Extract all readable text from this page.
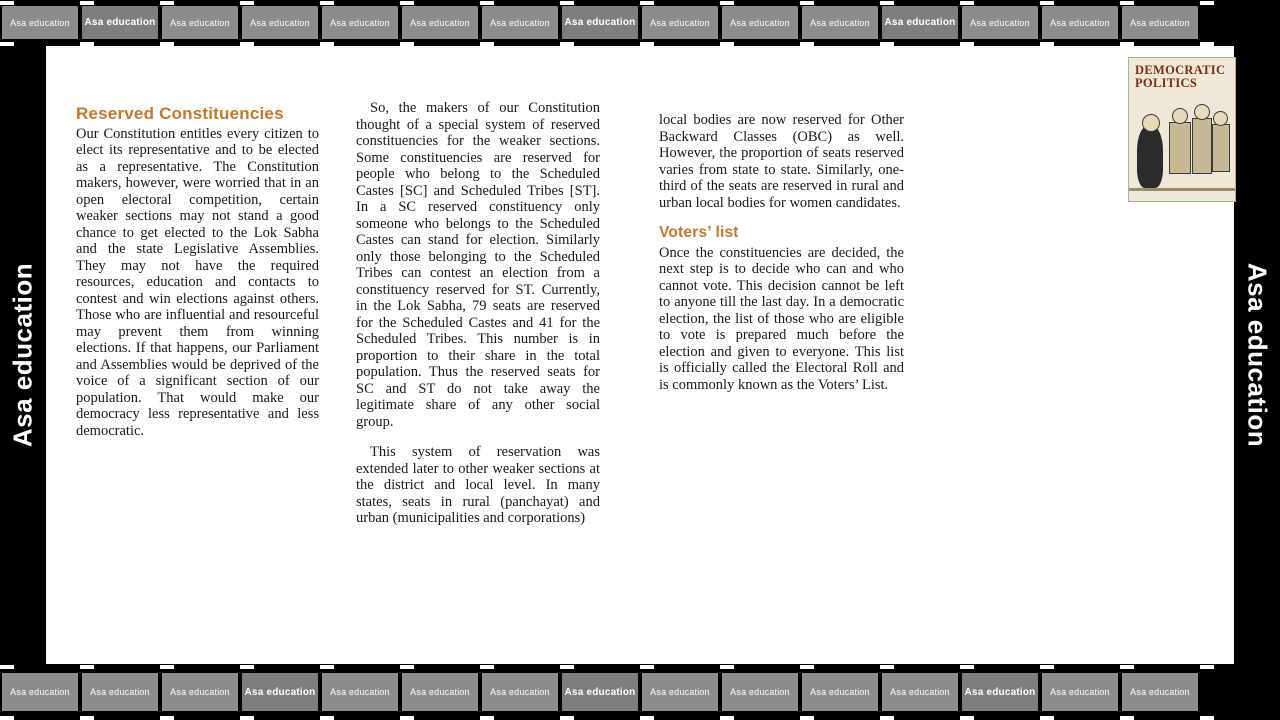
Asa education	Asa education	Asa education	Asa education	Asa education	Asa education	Asa education	Asa education	Asa education	Asa education	Asa education	Asa education	Asa education	Asa education	Asa education
Asa education	Asa education
DEMOCRATIC
POLITICS
Reserved Constituencies

Our Constitution entitles every citizen to elect its representative and to be elected as a representative. The Constitution makers, however, were worried that in an open electoral competition, certain weaker sections may not stand a good chance to get elected to the Lok Sabha and the state Legislative Assemblies. They may not have the required resources, education and contacts to contest and win elections against others. Those who are influential and resourceful may prevent them from winning elections. If that happens, our Parliament and Assemblies would be deprived of the voice of a significant section of our population. That would make our democracy less representative and less democratic.

So, the makers of our Constitution thought of a special system of reserved constituencies for the weaker sections. Some constituencies are reserved for people who belong to the Scheduled Castes [SC] and Scheduled Tribes [ST]. In a SC reserved constituency only someone who belongs to the Scheduled Castes can stand for election. Similarly only those belonging to the Scheduled Tribes can contest an election from a constituency reserved for ST. Currently, in the Lok Sabha, 79 seats are reserved for the Scheduled Castes and 41 for the Scheduled Tribes. This number is in proportion to their share in the total population. Thus the reserved seats for SC and ST do not take away the legitimate share of any other social group.

This system of reservation was extended later to other weaker sections at the district and local level. In many states, seats in rural (panchayat) and urban (municipalities and corporations)

local bodies are now reserved for Other Backward Classes (OBC) as well. However, the proportion of seats reserved varies from state to state. Similarly, one-third of the seats are reserved in rural and urban local bodies for women candidates.

Voters’ list

Once the constituencies are decided, the next step is to decide who can and who cannot vote. This decision cannot be left to anyone till the last day. In a democratic election, the list of those who are eligible to vote is prepared much before the election and given to everyone. This list is officially called the Electoral Roll and is commonly known as the Voters’ List.

Asa education	Asa education	Asa education	Asa education	Asa education	Asa education	Asa education	Asa education	Asa education	Asa education	Asa education	Asa education	Asa education	Asa education	Asa education
